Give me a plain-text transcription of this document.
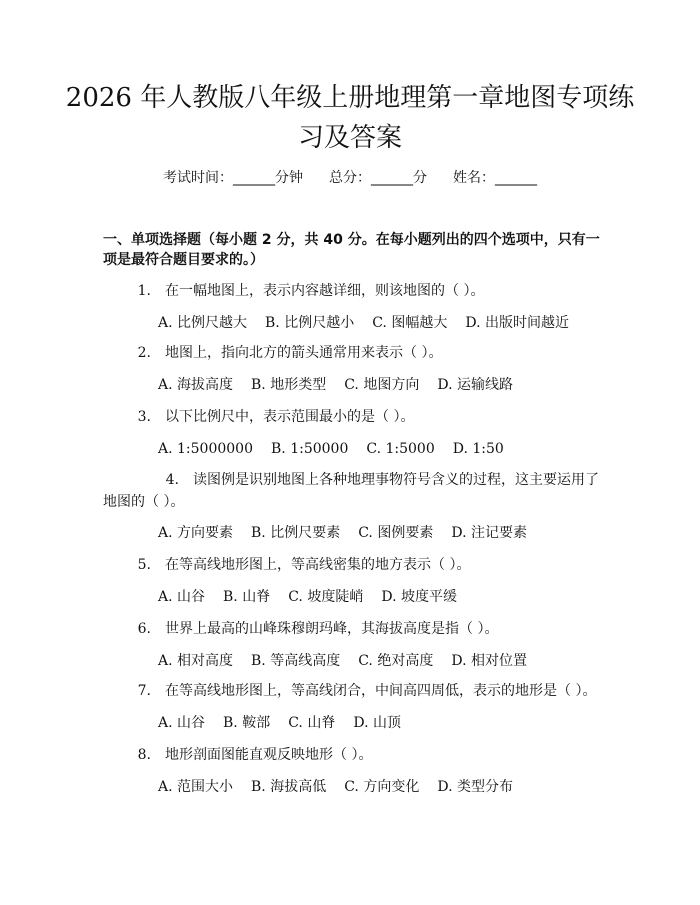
2026 年人教版八年级上册地理第一章地图专项练习及答案
考试时间：______分钟 总分：______分 姓名：______
一、单项选择题（每小题 2 分，共 40 分。在每小题列出的四个选项中，只有一项是最符合题目要求的。）
1. 在一幅地图上，表示内容越详细，则该地图的（ ）。
A. 比例尺越大 B. 比例尺越小 C. 图幅越大 D. 出版时间越近
2. 地图上，指向北方的箭头通常用来表示（ ）。
A. 海拔高度 B. 地形类型 C. 地图方向 D. 运输线路
3. 以下比例尺中，表示范围最小的是（ ）。
A. 1:5000000 B. 1:50000 C. 1:5000 D. 1:50
4. 读图例是识别地图上各种地理事物符号含义的过程，这主要运用了地图的（ ）。
A. 方向要素 B. 比例尺要素 C. 图例要素 D. 注记要素
5. 在等高线地形图上，等高线密集的地方表示（ ）。
A. 山谷 B. 山脊 C. 坡度陡峭 D. 坡度平缓
6. 世界上最高的山峰珠穆朗玛峰，其海拔高度是指（ ）。
A. 相对高度 B. 等高线高度 C. 绝对高度 D. 相对位置
7. 在等高线地形图上，等高线闭合，中间高四周低，表示的地形是（ ）。
A. 山谷 B. 鞍部 C. 山脊 D. 山顶
8. 地形剖面图能直观反映地形（ ）。
A. 范围大小 B. 海拔高低 C. 方向变化 D. 类型分布
